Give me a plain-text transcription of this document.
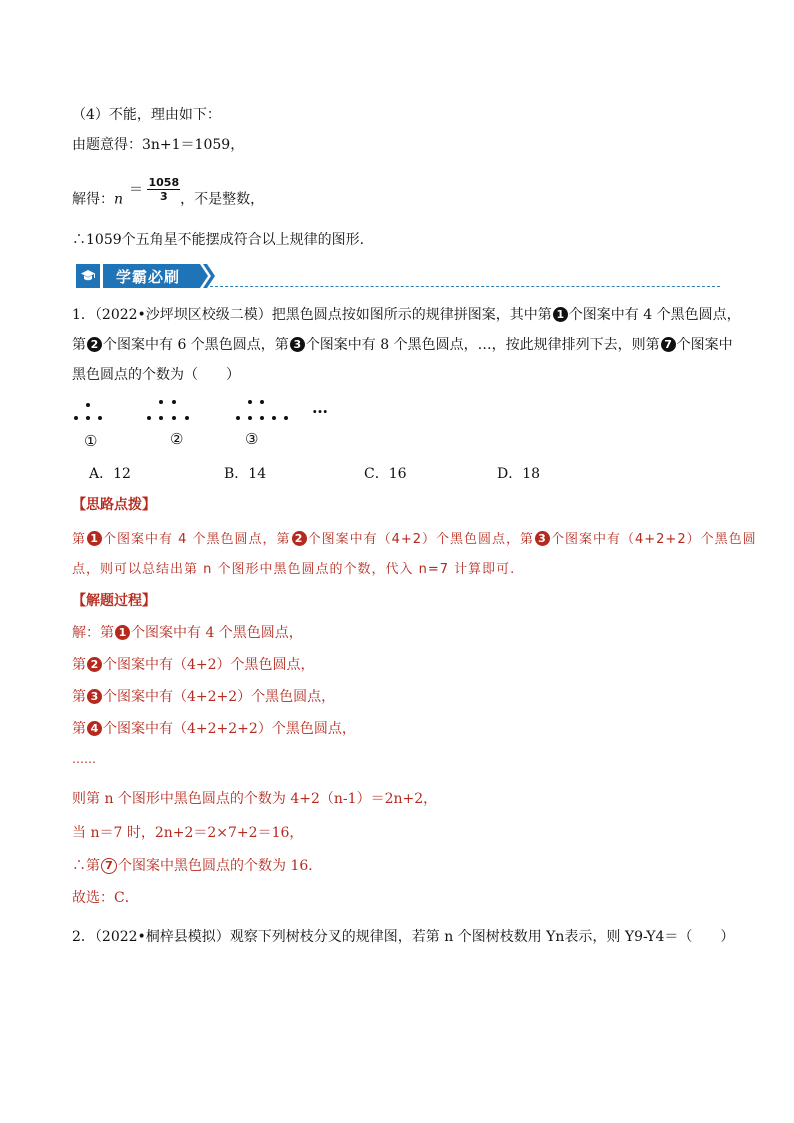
（4）不能，理由如下：
由题意得：3n+1＝1059，
解得：$n= \frac{1058}{3}$ ，不是整数，
∴1059个五角星不能摆成符合以上规律的图形.
学霸必刷
1．（2022•沙坪坝区校级二模）把黑色圆点按如图所示的规律拼图案，其中第 1 个图案中有 4 个黑色圆点，
第 2 个图案中有 6 个黑色圆点，第 3 个图案中有 8 个黑色圆点，…，按此规律排列下去，则第 7 个图案中
黑色圆点的个数为（　　）
…
①	②	③
A．12	B．14	C．16	D．18
【思路点拨】
第 1 个图案中有 4 个黑色圆点，第 2 个图案中有（4+2）个黑色圆点，第 3 个图案中有（4+2+2）个黑色圆
点，则可以总结出第 n 个图形中黑色圆点的个数，代入 n=7 计算即可.
【解题过程】
解：第 1 个图案中有 4 个黑色圆点，
第 2 个图案中有（4+2）个黑色圆点，
第 3 个图案中有（4+2+2）个黑色圆点，
第 4 个图案中有（4+2+2+2）个黑色圆点，
……
则第 n 个图形中黑色圆点的个数为 4+2（n-1）＝2n+2，
当 n＝7 时，2n+2＝2×7+2＝16，
∴第 7 个图案中黑色圆点的个数为 16．
故选：C．
2．（2022•桐梓县模拟）观察下列树枝分叉的规律图，若第 n 个图树枝数用 Yn表示，则 Y9-Y4＝（　　）
